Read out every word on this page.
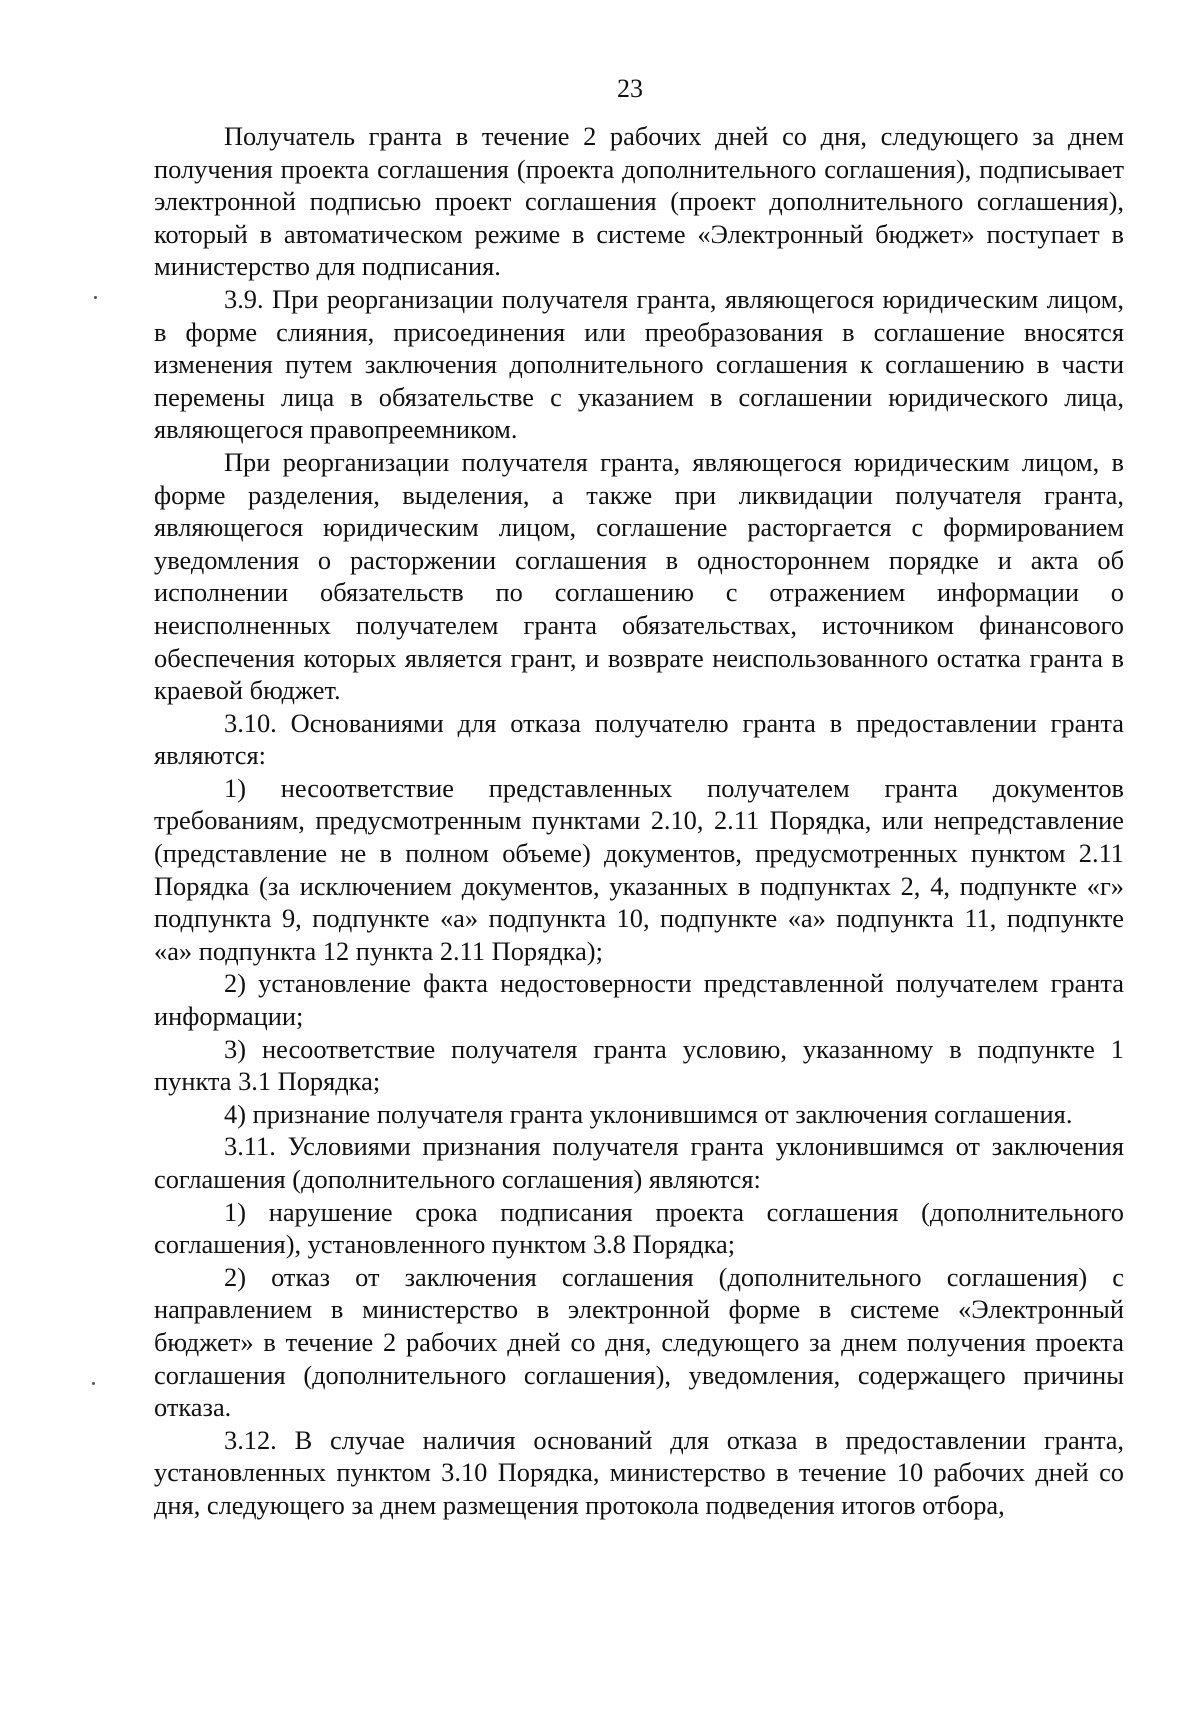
23

Получатель гранта в течение 2 рабочих дней со дня, следующего за днем получения проекта соглашения (проекта дополнительного соглашения), подписывает электронной подписью проект соглашения (проект дополнительного соглашения), который в автоматическом режиме в системе «Электронный бюджет» поступает в министерство для подписания.

3.9. При реорганизации получателя гранта, являющегося юридическим лицом, в форме слияния, присоединения или преобразования в соглашение вносятся изменения путем заключения дополнительного соглашения к соглашению в части перемены лица в обязательстве с указанием в соглашении юридического лица, являющегося правопреемником.

При реорганизации получателя гранта, являющегося юридическим лицом, в форме разделения, выделения, а также при ликвидации получателя гранта, являющегося юридическим лицом, соглашение расторгается с формированием уведомления о расторжении соглашения в одностороннем порядке и акта об исполнении обязательств по соглашению с отражением информации о неисполненных получателем гранта обязательствах, источником финансового обеспечения которых является грант, и возврате неиспользованного остатка гранта в краевой бюджет.

3.10. Основаниями для отказа получателю гранта в предоставлении гранта являются:

1) несоответствие представленных получателем гранта документов требованиям, предусмотренным пунктами 2.10, 2.11 Порядка, или непредставление (представление не в полном объеме) документов, предусмотренных пунктом 2.11 Порядка (за исключением документов, указанных в подпунктах 2, 4, подпункте «г» подпункта 9, подпункте «а» подпункта 10, подпункте «а» подпункта 11, подпункте «а» подпункта 12 пункта 2.11 Порядка);

2) установление факта недостоверности представленной получателем гранта информации;

3) несоответствие получателя гранта условию, указанному в подпункте 1 пункта 3.1 Порядка;

4) признание получателя гранта уклонившимся от заключения соглашения.

3.11. Условиями признания получателя гранта уклонившимся от заключения соглашения (дополнительного соглашения) являются:

1) нарушение срока подписания проекта соглашения (дополнительного соглашения), установленного пунктом 3.8 Порядка;

2) отказ от заключения соглашения (дополнительного соглашения) с направлением в министерство в электронной форме в системе «Электронный бюджет» в течение 2 рабочих дней со дня, следующего за днем получения проекта соглашения (дополнительного соглашения), уведомления, содержащего причины отказа.

3.12. В случае наличия оснований для отказа в предоставлении гранта, установленных пунктом 3.10 Порядка, министерство в течение 10 рабочих дней со дня, следующего за днем размещения протокола подведения итогов отбора,
